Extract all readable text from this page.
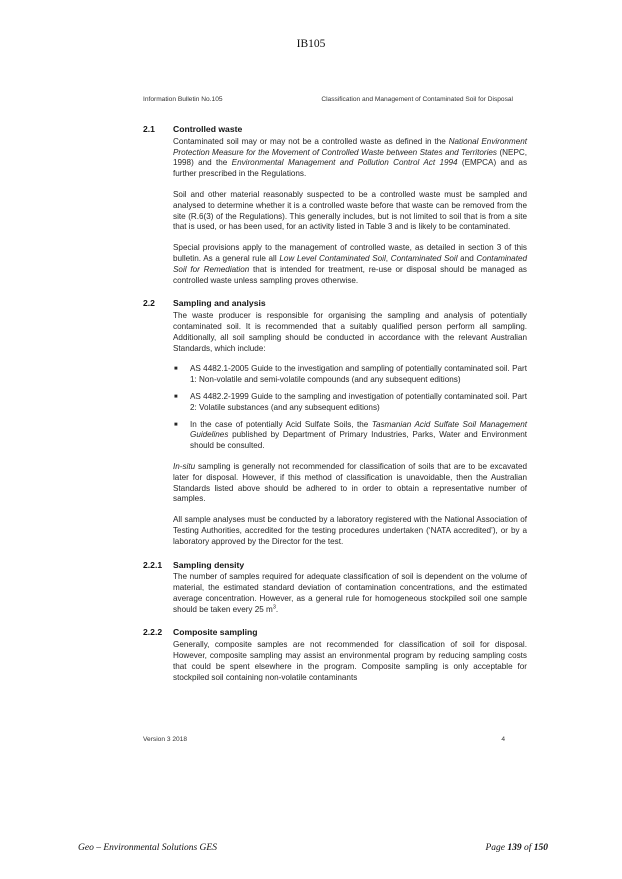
IB105
Information Bulletin No.105	Classification and Management of Contaminated Soil for Disposal
2.1	Controlled waste
Contaminated soil may or may not be a controlled waste as defined in the National Environment Protection Measure for the Movement of Controlled Waste between States and Territories (NEPC, 1998) and the Environmental Management and Pollution Control Act 1994 (EMPCA) and as further prescribed in the Regulations.
Soil and other material reasonably suspected to be a controlled waste must be sampled and analysed to determine whether it is a controlled waste before that waste can be removed from the site (R.6(3) of the Regulations). This generally includes, but is not limited to soil that is from a site that is used, or has been used, for an activity listed in Table 3 and is likely to be contaminated.
Special provisions apply to the management of controlled waste, as detailed in section 3 of this bulletin. As a general rule all Low Level Contaminated Soil, Contaminated Soil and Contaminated Soil for Remediation that is intended for treatment, re-use or disposal should be managed as controlled waste unless sampling proves otherwise.
2.2	Sampling and analysis
The waste producer is responsible for organising the sampling and analysis of potentially contaminated soil. It is recommended that a suitably qualified person perform all sampling. Additionally, all soil sampling should be conducted in accordance with the relevant Australian Standards, which include:
■	AS 4482.1-2005 Guide to the investigation and sampling of potentially contaminated soil. Part 1: Non-volatile and semi-volatile compounds (and any subsequent editions)
■	AS 4482.2-1999 Guide to the sampling and investigation of potentially contaminated soil. Part 2: Volatile substances (and any subsequent editions)
■	In the case of potentially Acid Sulfate Soils, the Tasmanian Acid Sulfate Soil Management Guidelines published by Department of Primary Industries, Parks, Water and Environment should be consulted.
In-situ sampling is generally not recommended for classification of soils that are to be excavated later for disposal. However, if this method of classification is unavoidable, then the Australian Standards listed above should be adhered to in order to obtain a representative number of samples.
All sample analyses must be conducted by a laboratory registered with the National Association of Testing Authorities, accredited for the testing procedures undertaken (‘NATA accredited’), or by a laboratory approved by the Director for the test.
2.2.1	Sampling density
The number of samples required for adequate classification of soil is dependent on the volume of material, the estimated standard deviation of contamination concentrations, and the estimated average concentration. However, as a general rule for homogeneous stockpiled soil one sample should be taken every 25 $m^3$.
2.2.2	Composite sampling
Generally, composite samples are not recommended for classification of soil for disposal. However, composite sampling may assist an environmental program by reducing sampling costs that could be spent elsewhere in the program. Composite sampling is only acceptable for stockpiled soil containing non-volatile contaminants
Version 3 2018	4
Geo – Environmental Solutions GES	Page 139 of 150
